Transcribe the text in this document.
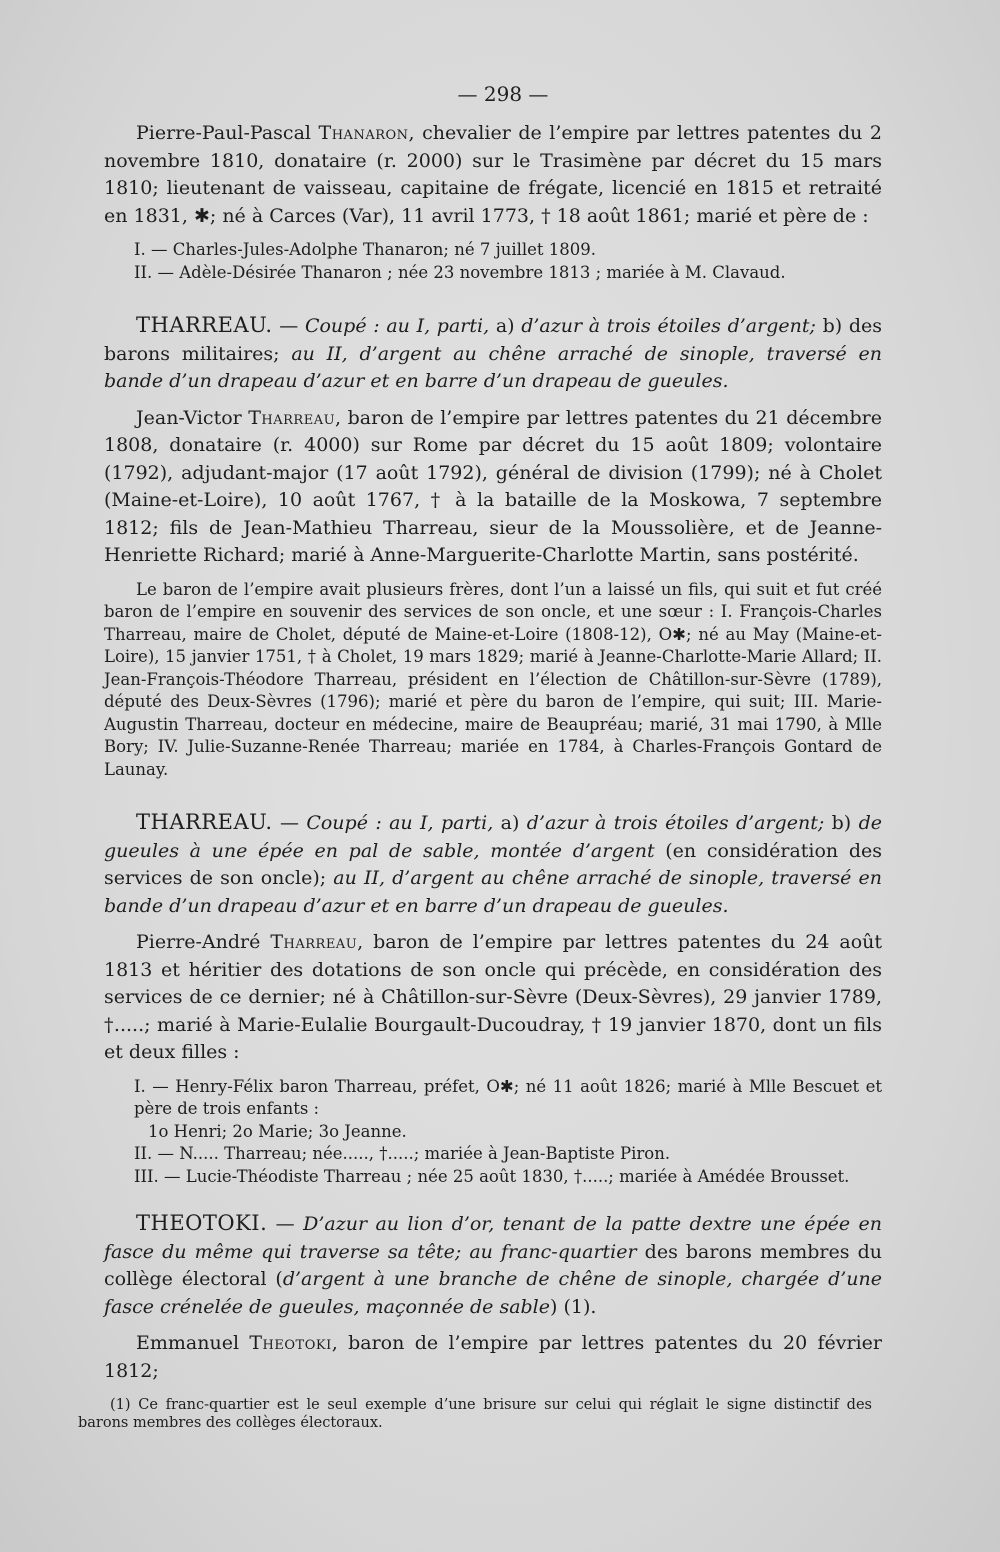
— 298 —

Pierre-Paul-Pascal Thanaron, chevalier de l’empire par lettres patentes du 2 novembre 1810, donataire (r. 2000) sur le Trasimène par décret du 15 mars 1810; lieutenant de vaisseau, capitaine de frégate, licencié en 1815 et retraité en 1831, ✱; né à Carces (Var), 11 avril 1773, † 18 août 1861; marié et père de :

I. — Charles-Jules-Adolphe Thanaron; né 7 juillet 1809.

II. — Adèle-Désirée Thanaron ; née 23 novembre 1813 ; mariée à M. Clavaud.

THARREAU. — Coupé : au I, parti, a) d’azur à trois étoiles d’argent; b) des barons militaires; au II, d’argent au chêne arraché de sinople, traversé en bande d’un drapeau d’azur et en barre d’un drapeau de gueules.

Jean-Victor Tharreau, baron de l’empire par lettres patentes du 21 décembre 1808, donataire (r. 4000) sur Rome par décret du 15 août 1809; volontaire (1792), adjudant-major (17 août 1792), général de division (1799); né à Cholet (Maine-et-Loire), 10 août 1767, † à la bataille de la Moskowa, 7 septembre 1812; fils de Jean-Mathieu Tharreau, sieur de la Moussolière, et de Jeanne-Henriette Richard; marié à Anne-Marguerite-Charlotte Martin, sans postérité.

Le baron de l’empire avait plusieurs frères, dont l’un a laissé un fils, qui suit et fut créé baron de l’empire en souvenir des services de son oncle, et une sœur : I. François-Charles Tharreau, maire de Cholet, député de Maine-et-Loire (1808-12), O✱; né au May (Maine-et-Loire), 15 janvier 1751, † à Cholet, 19 mars 1829; marié à Jeanne-Charlotte-Marie Allard; II. Jean-François-Théodore Tharreau, président en l’élection de Châtillon-sur-Sèvre (1789), député des Deux-Sèvres (1796); marié et père du baron de l’empire, qui suit; III. Marie-Augustin Tharreau, docteur en médecine, maire de Beaupréau; marié, 31 mai 1790, à Mlle Bory; IV. Julie-Suzanne-Renée Tharreau; mariée en 1784, à Charles-François Gontard de Launay.

THARREAU. — Coupé : au I, parti, a) d’azur à trois étoiles d’argent; b) de gueules à une épée en pal de sable, montée d’argent (en considération des services de son oncle); au II, d’argent au chêne arraché de sinople, traversé en bande d’un drapeau d’azur et en barre d’un drapeau de gueules.

Pierre-André Tharreau, baron de l’empire par lettres patentes du 24 août 1813 et héritier des dotations de son oncle qui précède, en considération des services de ce dernier; né à Châtillon-sur-Sèvre (Deux-Sèvres), 29 janvier 1789, †.....; marié à Marie-Eulalie Bourgault-Ducoudray, † 19 janvier 1870, dont un fils et deux filles :

I. — Henry-Félix baron Tharreau, préfet, O✱; né 11 août 1826; marié à Mlle Bescuet et père de trois enfants :

1o Henri; 2o Marie; 3o Jeanne.

II. — N..... Tharreau; née....., †.....; mariée à Jean-Baptiste Piron.

III. — Lucie-Théodiste Tharreau ; née 25 août 1830, †.....; mariée à Amédée Brousset.

THEOTOKI. — D’azur au lion d’or, tenant de la patte dextre une épée en fasce du même qui traverse sa tête; au franc-quartier des barons membres du collège électoral (d’argent à une branche de chêne de sinople, chargée d’une fasce crénelée de gueules, maçonnée de sable) (1).

Emmanuel Theotoki, baron de l’empire par lettres patentes du 20 février 1812;

(1) Ce franc-quartier est le seul exemple d’une brisure sur celui qui réglait le signe distinctif des barons membres des collèges électoraux.
